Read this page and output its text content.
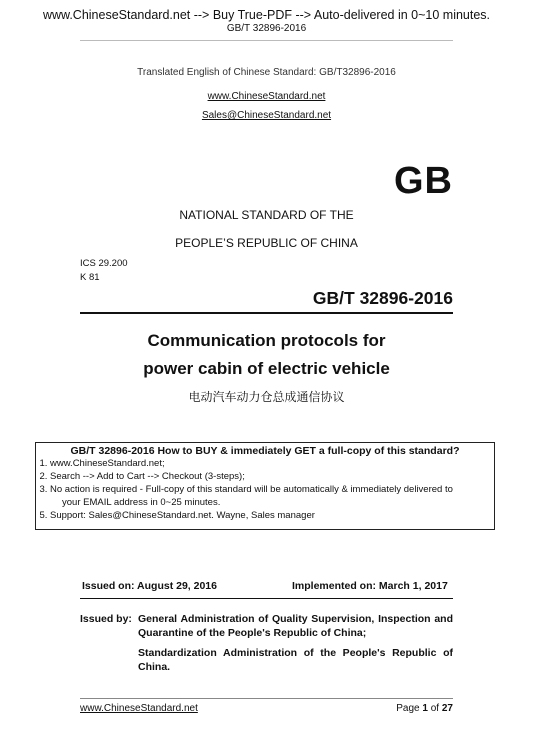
www.ChineseStandard.net --> Buy True-PDF --> Auto-delivered in 0~10 minutes.
GB/T 32896-2016
Translated English of Chinese Standard: GB/T32896-2016
www.ChineseStandard.net
Sales@ChineseStandard.net
GB
NATIONAL STANDARD OF THE
PEOPLE’S REPUBLIC OF CHINA
ICS 29.200
K 81
GB/T 32896-2016
Communication protocols for
power cabin of electric vehicle
电动汽车动力仓总成通信协议
GB/T 32896-2016 How to BUY & immediately GET a full-copy of this standard?
1. www.ChineseStandard.net;
2. Search --> Add to Cart --> Checkout (3-steps);
3. No action is required - Full-copy of this standard will be automatically & immediately delivered to
your EMAIL address in 0~25 minutes.
5. Support: Sales@ChineseStandard.net. Wayne, Sales manager
Issued on: August 29, 2016	Implemented on: March 1, 2017
Issued by: General Administration of Quality Supervision, Inspection and Quarantine of the People's Republic of China;
Standardization Administration of the People's Republic of China.
www.ChineseStandard.net	Page 1 of 27
